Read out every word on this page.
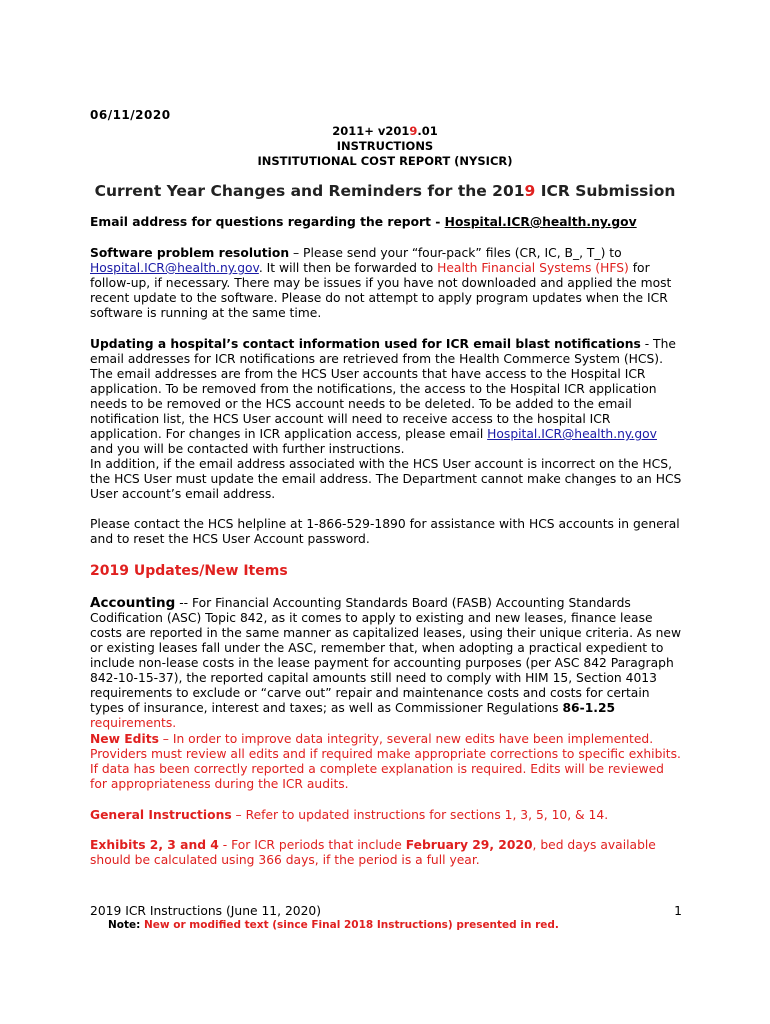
06/11/2020
2011+ v2019.01
INSTRUCTIONS
INSTITUTIONAL COST REPORT (NYSICR)
Current Year Changes and Reminders for the 2019 ICR Submission

Email address for questions regarding the report - Hospital.ICR@health.ny.gov

Software problem resolution – Please send your “four-pack” files (CR, IC, B_, T_) to Hospital.ICR@health.ny.gov. It will then be forwarded to Health Financial Systems (HFS) for follow-up, if necessary. There may be issues if you have not downloaded and applied the most recent update to the software. Please do not attempt to apply program updates when the ICR software is running at the same time.

Updating a hospital’s contact information used for ICR email blast notifications - The email addresses for ICR notifications are retrieved from the Health Commerce System (HCS). The email addresses are from the HCS User accounts that have access to the Hospital ICR application. To be removed from the notifications, the access to the Hospital ICR application needs to be removed or the HCS account needs to be deleted. To be added to the email notification list, the HCS User account will need to receive access to the hospital ICR application. For changes in ICR application access, please email Hospital.ICR@health.ny.gov and you will be contacted with further instructions.

In addition, if the email address associated with the HCS User account is incorrect on the HCS, the HCS User must update the email address. The Department cannot make changes to an HCS User account’s email address.
Please contact the HCS helpline at 1-866-529-1890 for assistance with HCS accounts in general and to reset the HCS User Account password.
2019 Updates/New Items

Accounting -- For Financial Accounting Standards Board (FASB) Accounting Standards Codification (ASC) Topic 842, as it comes to apply to existing and new leases, finance lease costs are reported in the same manner as capitalized leases, using their unique criteria. As new or existing leases fall under the ASC, remember that, when adopting a practical expedient to include non-lease costs in the lease payment for accounting purposes (per ASC 842 Paragraph 842-10-15-37), the reported capital amounts still need to comply with HIM 15, Section 4013 requirements to exclude or “carve out” repair and maintenance costs and costs for certain types of insurance, interest and taxes; as well as Commissioner Regulations 86-1.25 requirements.

New Edits – In order to improve data integrity, several new edits have been implemented. Providers must review all edits and if required make appropriate corrections to specific exhibits. If data has been correctly reported a complete explanation is required. Edits will be reviewed for appropriateness during the ICR audits.

General Instructions – Refer to updated instructions for sections 1, 3, 5, 10, & 14.

Exhibits 2, 3 and 4 - For ICR periods that include February 29, 2020, bed days available should be calculated using 366 days, if the period is a full year.

2019 ICR Instructions (June 11, 2020)	1
Note: New or modified text (since Final 2018 Instructions) presented in red.
